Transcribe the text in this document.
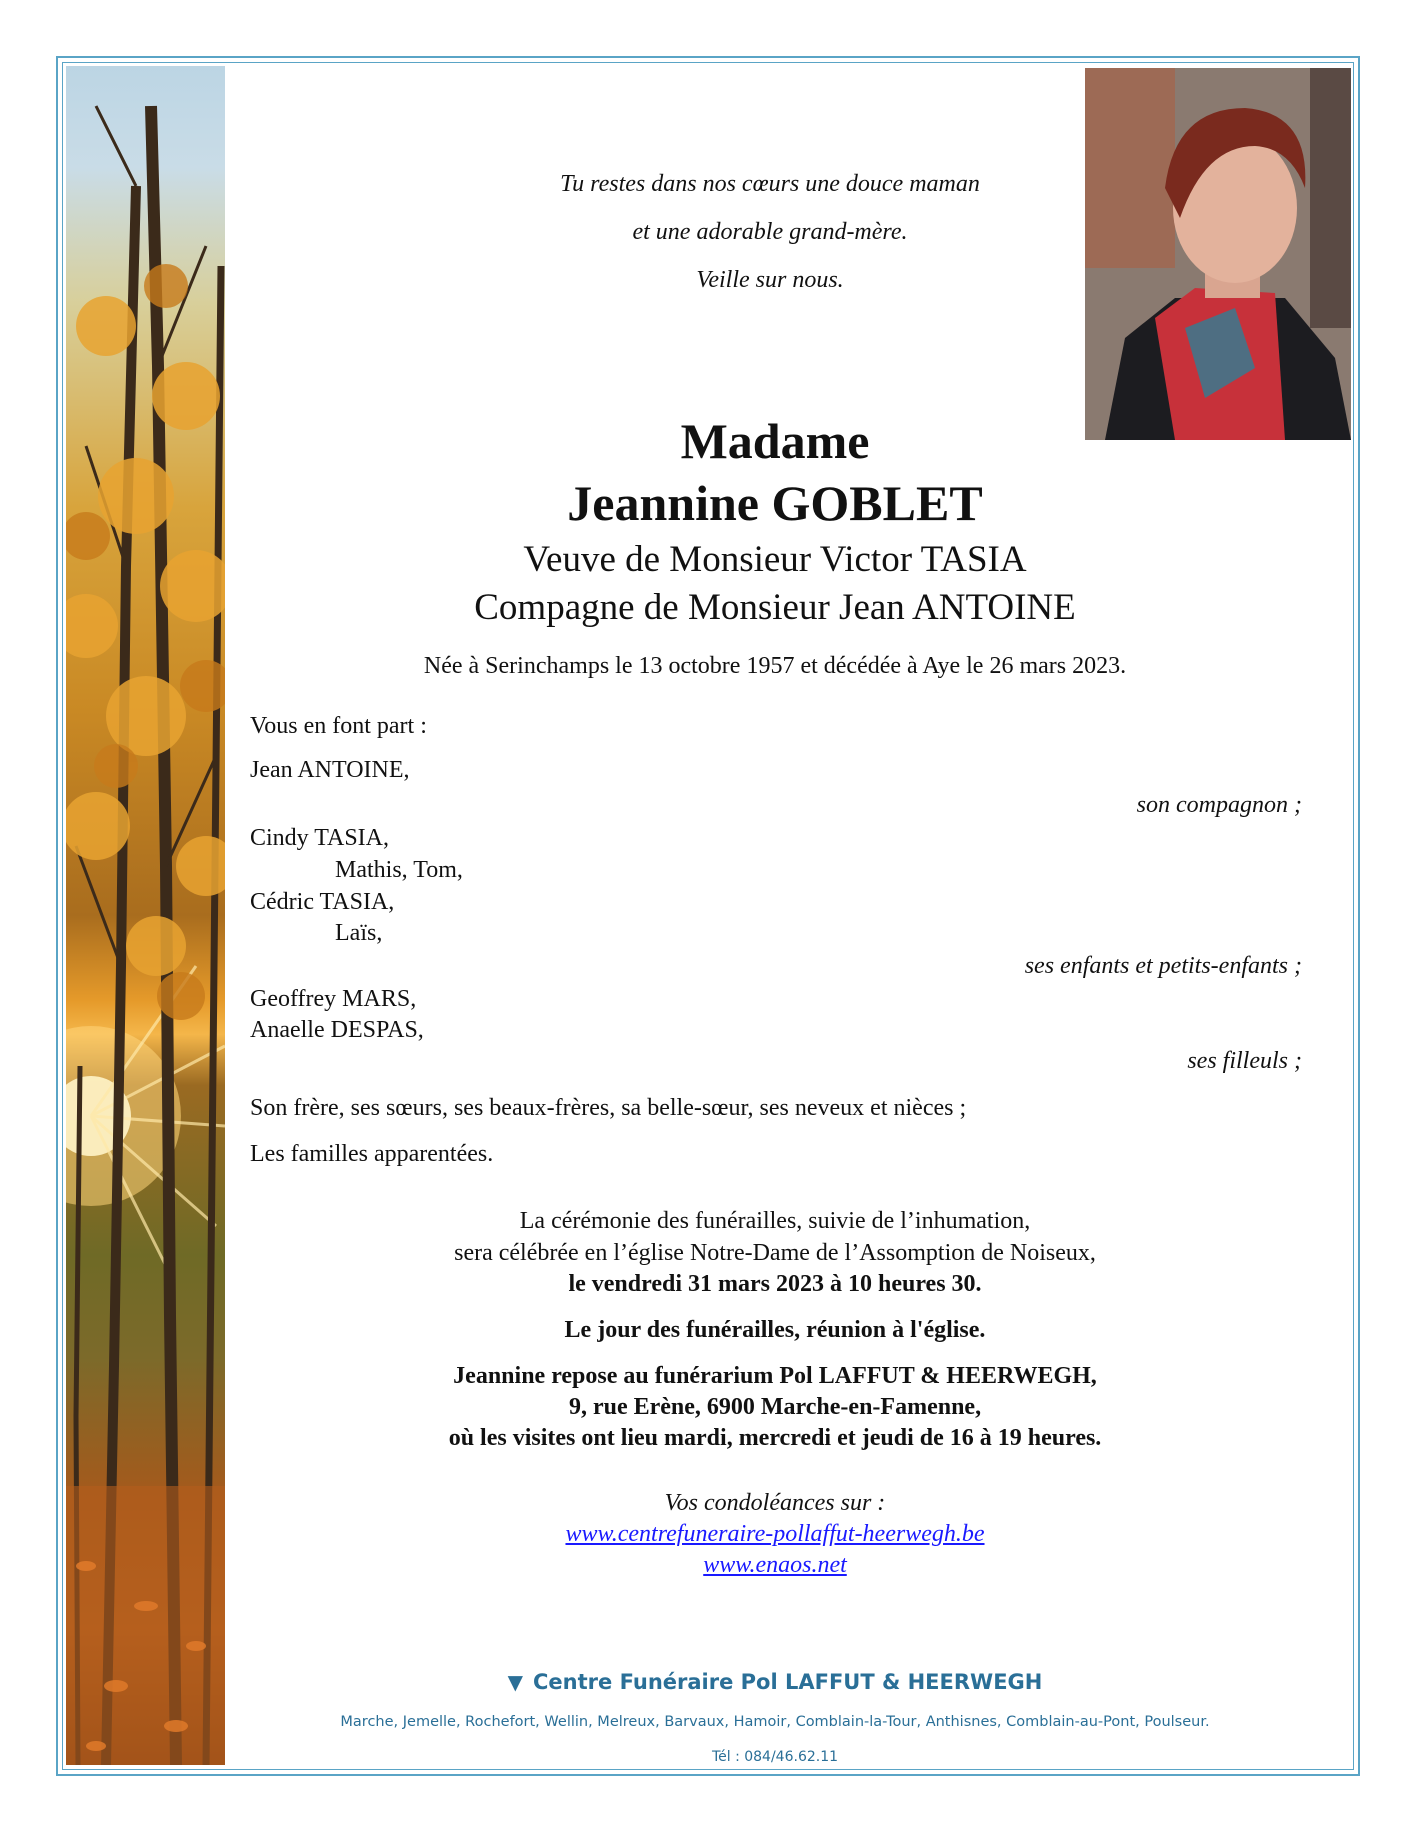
Tu restes dans nos cœurs une douce maman
et une adorable grand-mère.
Veille sur nous.
Madame
Jeannine GOBLET
Veuve de Monsieur Victor TASIA
Compagne de Monsieur Jean ANTOINE
Née à Serinchamps le 13 octobre 1957 et décédée à Aye le 26 mars 2023.
Vous en font part :
Jean ANTOINE,
son compagnon ;
Cindy TASIA,
Mathis, Tom,
Cédric TASIA,
Laïs,
ses enfants et petits-enfants ;
Geoffrey MARS,
Anaelle DESPAS,
ses filleuls ;
Son frère, ses sœurs, ses beaux-frères, sa belle-sœur, ses neveux et nièces ;
Les familles apparentées.
La cérémonie des funérailles, suivie de l’inhumation,
sera célébrée en l’église Notre-Dame de l’Assomption de Noiseux,
le vendredi 31 mars 2023 à 10 heures 30.
Le jour des funérailles, réunion à l'église.
Jeannine repose au funérarium Pol LAFFUT & HEERWEGH,
9, rue Erène, 6900 Marche-en-Famenne,
où les visites ont lieu mardi, mercredi et jeudi de 16 à 19 heures.
Vos condoléances sur :
www.centrefuneraire-pollaffut-heerwegh.be
www.enaos.net
▼ Centre Funéraire Pol LAFFUT & HEERWEGH
Marche, Jemelle, Rochefort, Wellin, Melreux, Barvaux, Hamoir, Comblain-la-Tour, Anthisnes, Comblain-au-Pont, Poulseur.
Tél : 084/46.62.11
